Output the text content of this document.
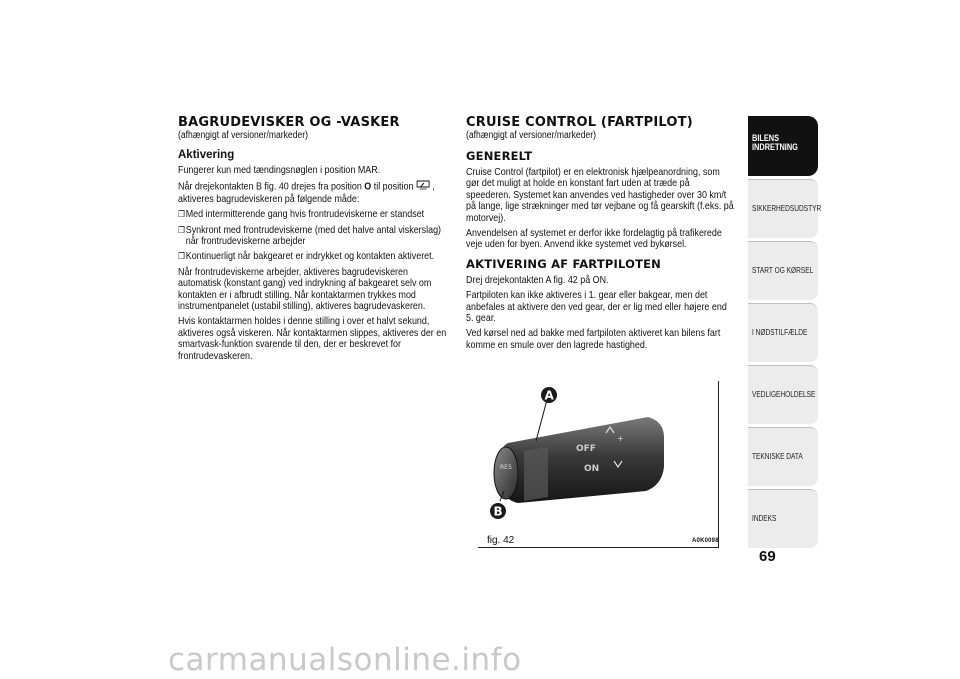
BAGRUDEVISKER OG -VASKER
(afhængigt af versioner/markeder)
Aktivering
Fungerer kun med tændingsnøglen i position MAR.
Når drejekontakten B fig. 40 drejes fra position O til position , aktiveres bagrudeviskeren på følgende måde:
❒ Med intermitterende gang hvis frontrudeviskerne er standset
❒ Synkront med frontrudeviskerne (med det halve antal viskerslag) når frontrudeviskerne arbejder
❒ Kontinuerligt når bakgearet er indrykket og kontakten aktiveret.
Når frontrudeviskerne arbejder, aktiveres bagrudeviskeren automatisk (konstant gang) ved indrykning af bakgearet selv om kontakten er i afbrudt stilling. Når kontaktarmen trykkes mod instrumentpanelet (ustabil stilling), aktiveres bagrudevaskeren.
Hvis kontaktarmen holdes i denne stilling i over et halvt sekund, aktiveres også viskeren. Når kontaktarmen slippes, aktiveres der en smartvask-funktion svarende til den, der er beskrevet for frontrudevaskeren.
CRUISE CONTROL (FARTPILOT)
(afhængigt af versioner/markeder)
GENERELT
Cruise Control (fartpilot) er en elektronisk hjælpeanordning, som gør det muligt at holde en konstant fart uden at træde på speederen. Systemet kan anvendes ved hastigheder over 30 km/t på lange, lige strækninger med tør vejbane og få gearskift (f.eks. på motorvej).
Anvendelsen af systemet er derfor ikke fordelagtig på trafikerede veje uden for byen. Anvend ikke systemet ved bykørsel.
AKTIVERING AF FARTPILOTEN
Drej drejekontakten A fig. 42 på ON.
Fartpiloten kan ikke aktiveres i 1. gear eller bakgear, men det anbefales at aktivere den ved gear, der er lig med eller højere end 5. gear.
Ved kørsel ned ad bakke med fartpiloten aktiveret kan bilens fart komme en smule over den lagrede hastighed.
RES
OFF
ON
+
A
B
fig. 42	A0K0098
BILENS INDRETNING
SIKKERHEDSUDSTYR
START OG KØRSEL
I NØDSTILFÆLDE
VEDLIGEHOLDELSE
TEKNISKE DATA
INDEKS
69
carmanualsonline.info
